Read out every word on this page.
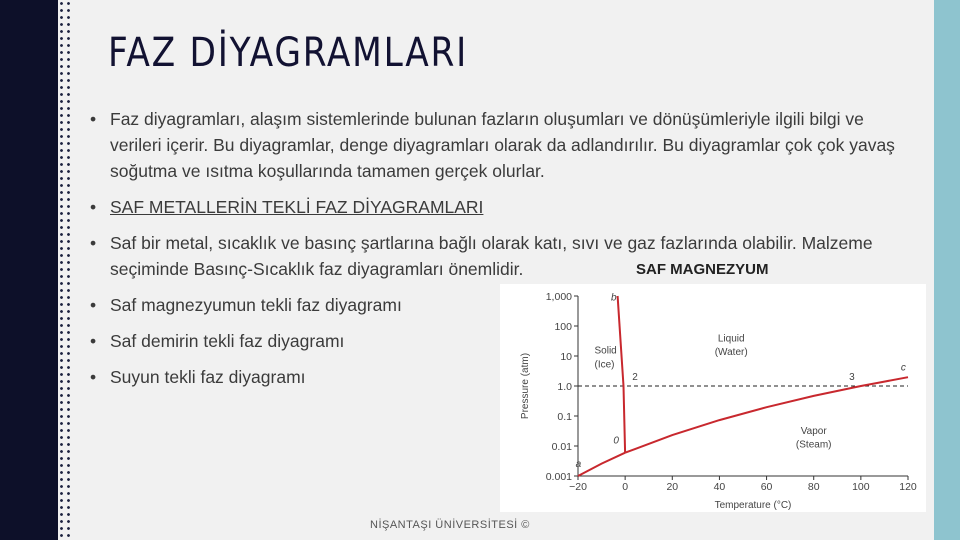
FAZ DİYAGRAMLARI
• Faz diyagramları, alaşım sistemlerinde bulunan fazların oluşumları ve dönüşümleriyle ilgili bilgi ve verileri içerir. Bu diyagramlar, denge diyagramları olarak da adlandırılır. Bu diyagramlar çok çok yavaş soğutma ve ısıtma koşullarında tamamen gerçek olurlar.
• SAF METALLERİN TEKLİ FAZ DİYAGRAMLARI
• Saf bir metal, sıcaklık ve basınç şartlarına bağlı olarak katı, sıvı ve gaz fazlarında olabilir. Malzeme seçiminde Basınç-Sıcaklık faz diyagramları önemlidir.
• Saf magnezyumun tekli faz diyagramı
• Saf demirin tekli faz diyagramı
• Suyun tekli faz diyagramı
−20	0	20	40	60	80	100	120
0.001
0.01
0.1
1.0
10
100
1,000
Temperature (°C)
Pressure (atm)
Solid
(Ice)
Liquid
(Water)
Vapor
(Steam)
a
b
c
0
2	3
SAF MAGNEZYUM
NİŞANTAŞI ÜNİVERSİTESİ ©
